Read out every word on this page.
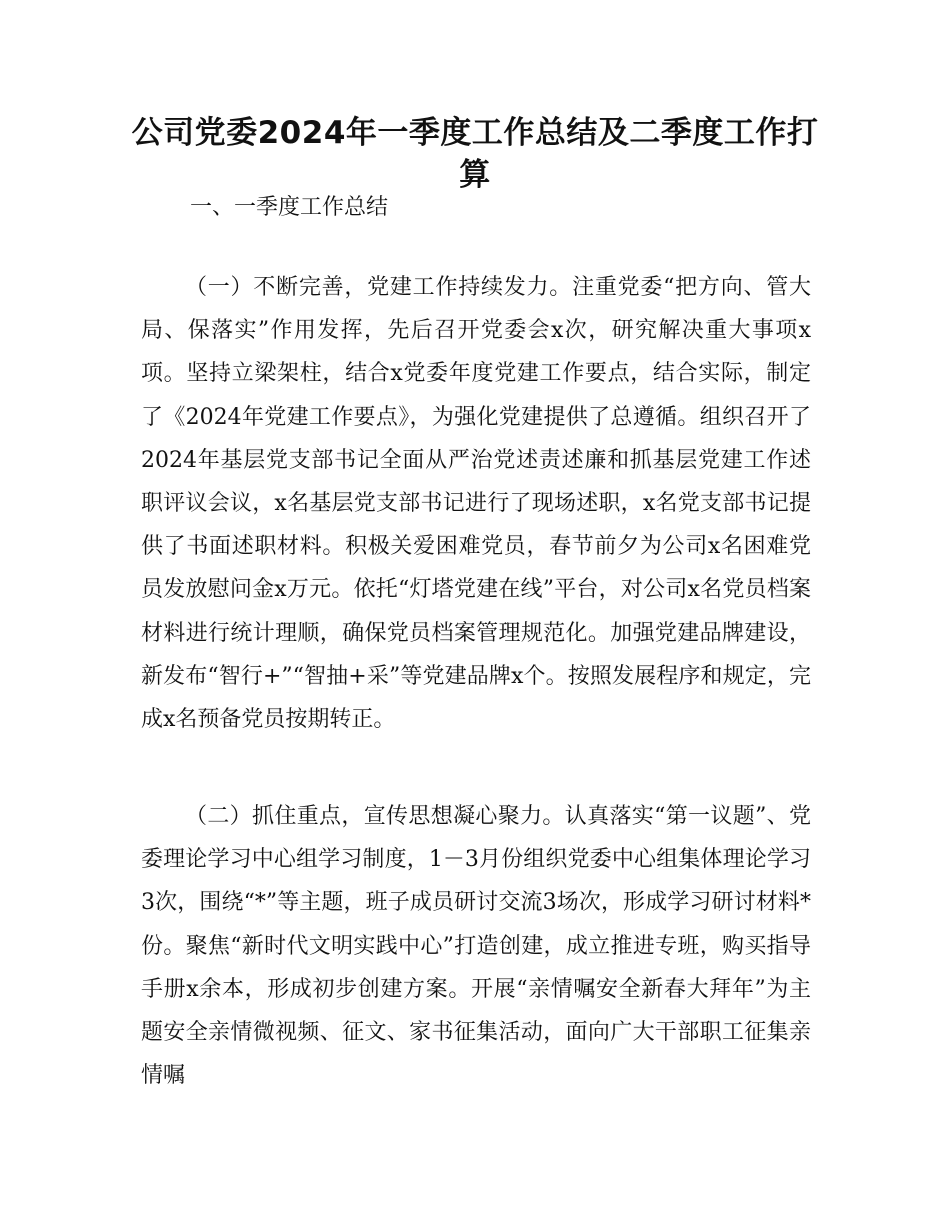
公司党委2024年一季度工作总结及二季度工作打算

一、一季度工作总结

（一）不断完善，党建工作持续发力。注重党委“把方向、管大局、保落实”作用发挥，先后召开党委会x次，研究解决重大事项x项。坚持立梁架柱，结合x党委年度党建工作要点，结合实际，制定了《2024年党建工作要点》，为强化党建提供了总遵循。组织召开了2024年基层党支部书记全面从严治党述责述廉和抓基层党建工作述职评议会议，x名基层党支部书记进行了现场述职，x名党支部书记提供了书面述职材料。积极关爱困难党员，春节前夕为公司x名困难党员发放慰问金x万元。依托“灯塔党建在线”平台，对公司x名党员档案材料进行统计理顺，确保党员档案管理规范化。加强党建品牌建设，新发布“智行+”“智抽+采”等党建品牌x个。按照发展程序和规定，完成x名预备党员按期转正。

（二）抓住重点，宣传思想凝心聚力。认真落实“第一议题”、党委理论学习中心组学习制度，1－3月份组织党委中心组集体理论学习3次，围绕“*”等主题，班子成员研讨交流3场次，形成学习研讨材料*份。聚焦“新时代文明实践中心”打造创建，成立推进专班，购买指导手册x余本，形成初步创建方案。开展“亲情嘱安全新春大拜年”为主题安全亲情微视频、征文、家书征集活动，面向广大干部职工征集亲情嘱
